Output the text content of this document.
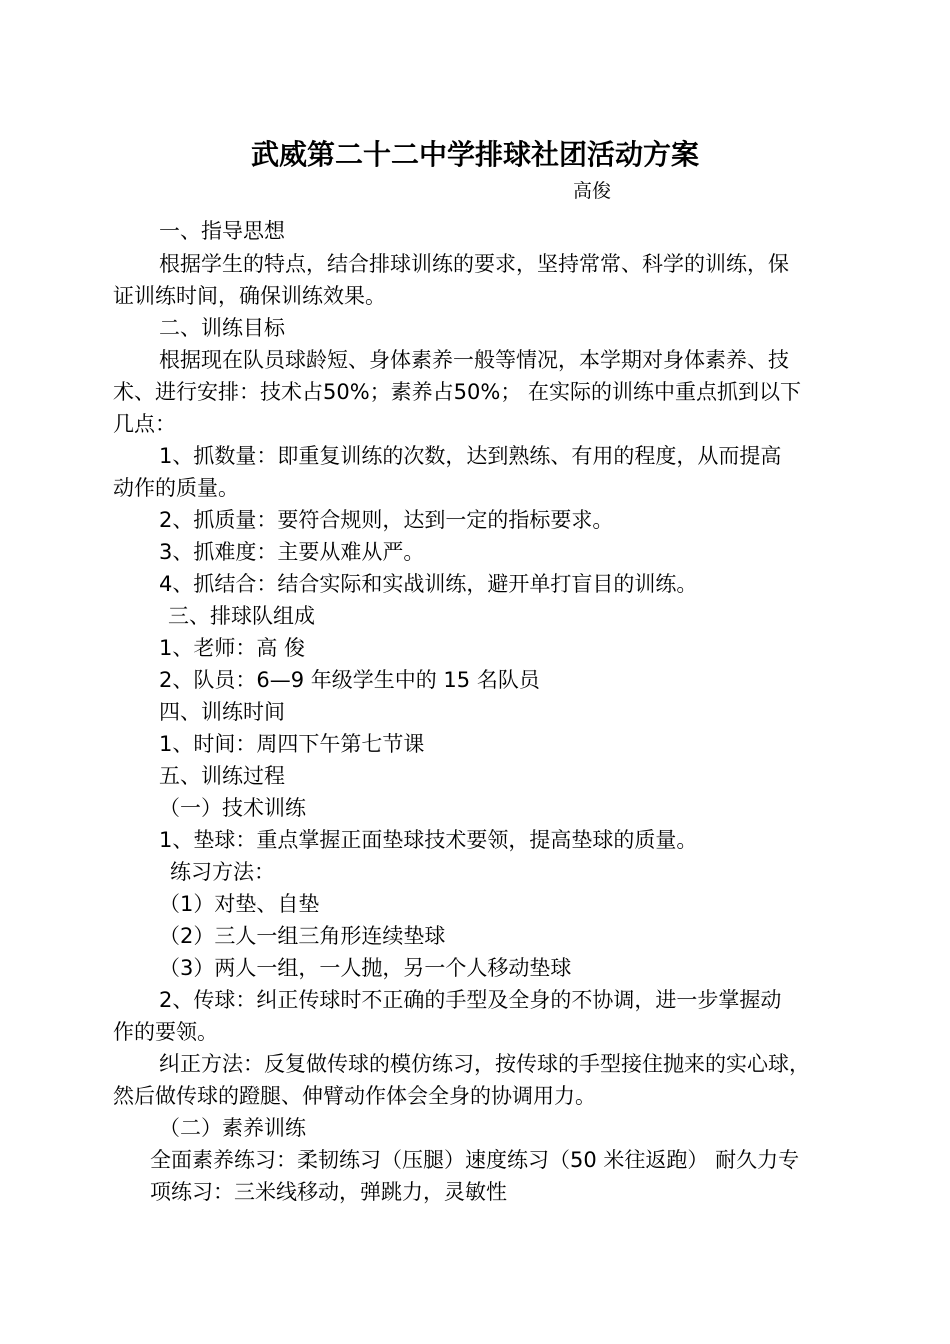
武威第二十二中学排球社团活动方案
高俊

一、指导思想

根据学生的特点，结合排球训练的要求，坚持常常、科学的训练，保

证训练时间，确保训练效果。

二、训练目标

根据现在队员球龄短、身体素养一般等情况，本学期对身体素养、技

术、进行安排：技术占50%；素养占50%； 在实际的训练中重点抓到以下

几点：

1、抓数量：即重复训练的次数，达到熟练、有用的程度，从而提高

动作的质量。

2、抓质量：要符合规则，达到一定的指标要求。

3、抓难度：主要从难从严。

4、抓结合：结合实际和实战训练，避开单打盲目的训练。

三、排球队组成

1、老师：高 俊

2、队员：6—9 年级学生中的 15 名队员

四、训练时间

1、时间：周四下午第七节课

五、训练过程

（一）技术训练

1、垫球：重点掌握正面垫球技术要领，提高垫球的质量。

练习方法：

（1）对垫、自垫

（2）三人一组三角形连续垫球

（3）两人一组，一人抛，另一个人移动垫球

2、传球：纠正传球时不正确的手型及全身的不协调，进一步掌握动

作的要领。

纠正方法：反复做传球的模仿练习，按传球的手型接住抛来的实心球，

然后做传球的蹬腿、伸臂动作体会全身的协调用力。

（二）素养训练

全面素养练习：柔韧练习（压腿）速度练习（50 米往返跑） 耐久力专

项练习：三米线移动，弹跳力，灵敏性
